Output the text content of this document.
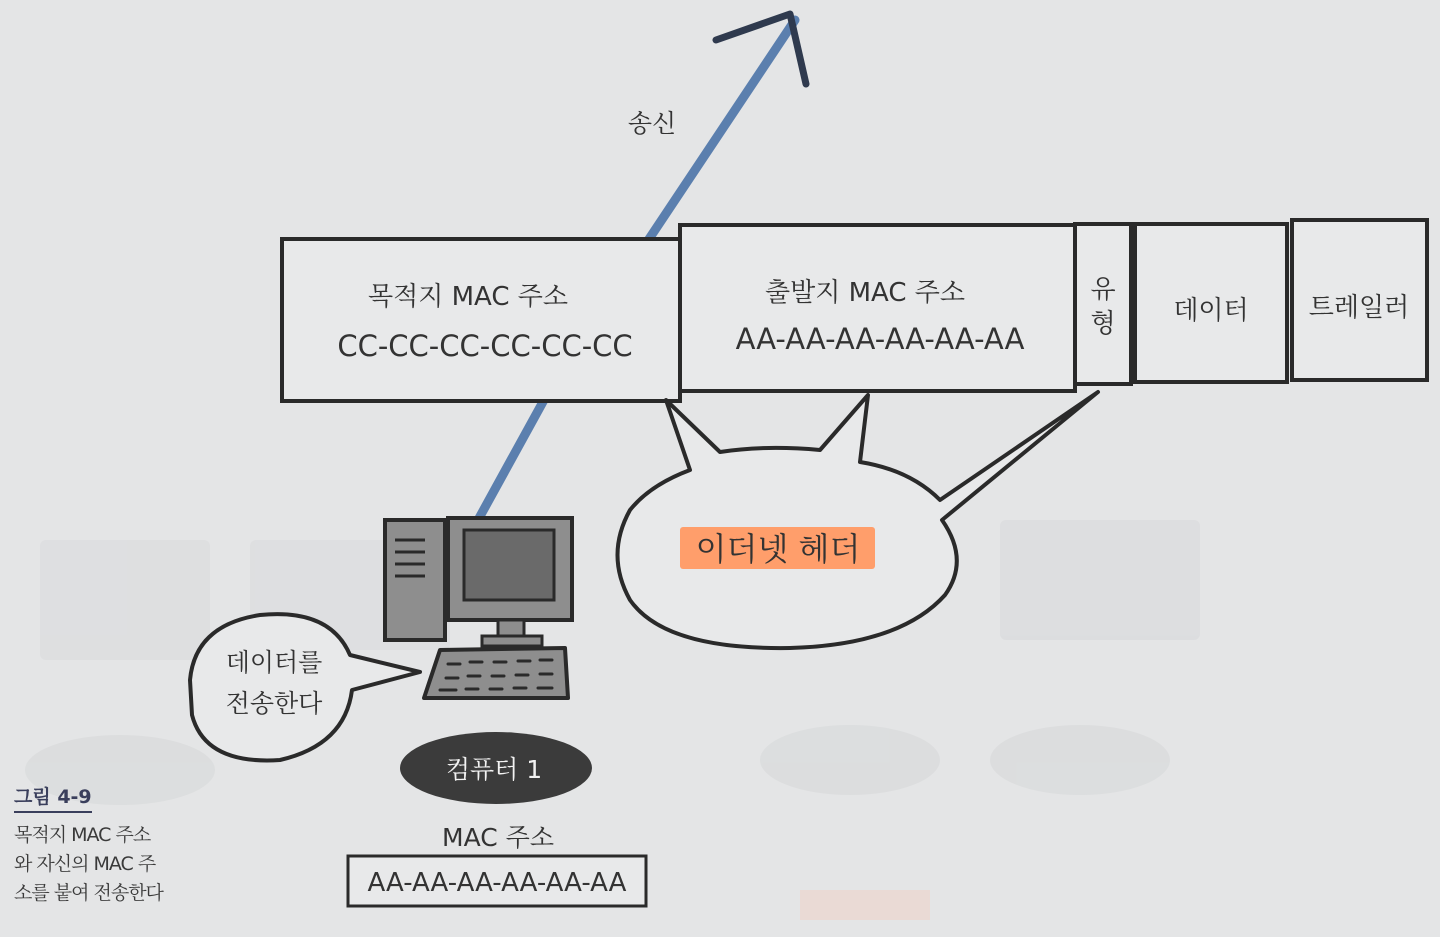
송신
목적지 MAC 주소
CC-CC-CC-CC-CC-CC
출발지 MAC 주소
AA-AA-AA-AA-AA-AA
유
형 데이터 트레일러
이더넷 헤더
데이터를
전송한다
컴퓨터 1
MAC 주소
AA-AA-AA-AA-AA-AA
그림 4-9
목적지 MAC 주소
와 자신의 MAC 주
소를 붙여 전송한다
